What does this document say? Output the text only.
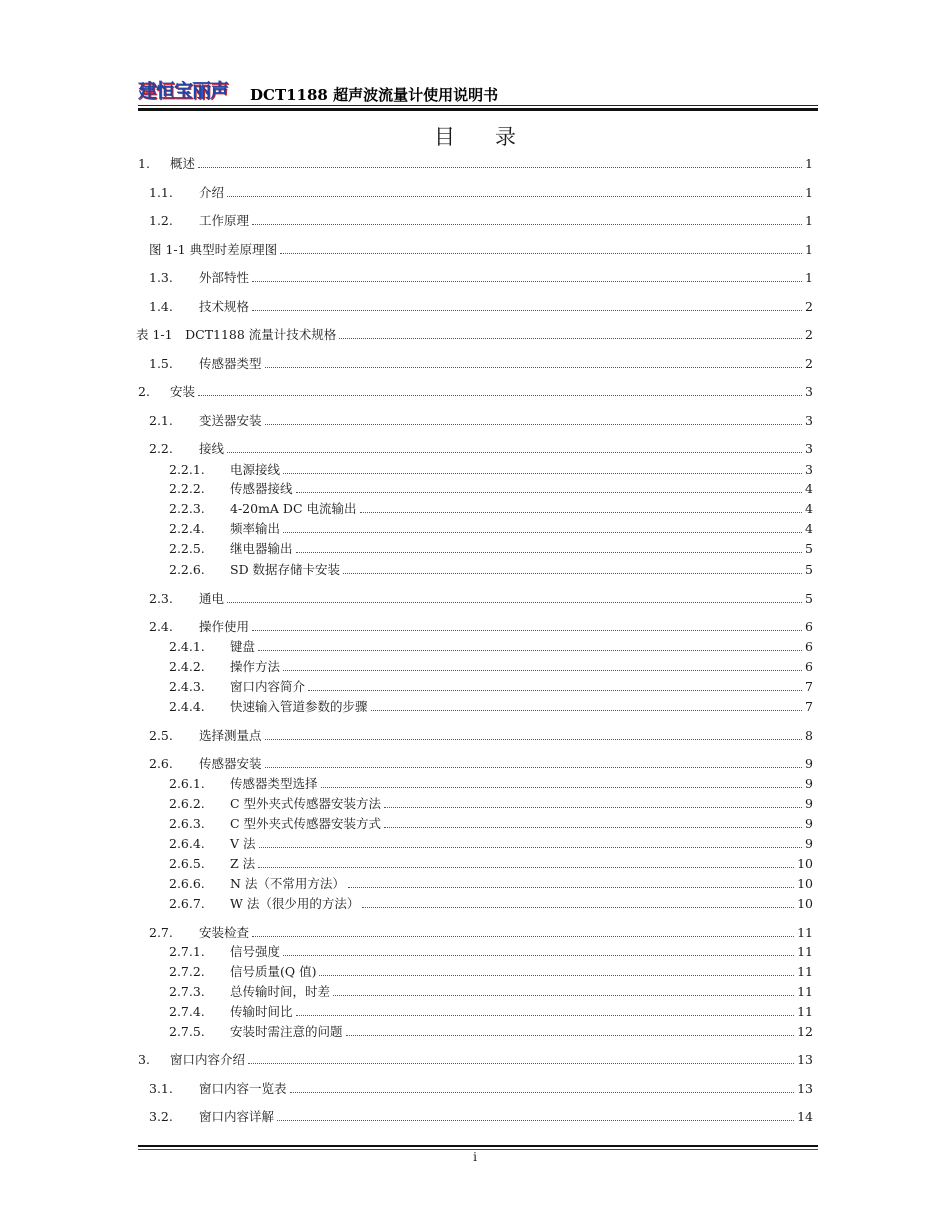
建恒宝丽声 DCT1188 超声波流量计使用说明书
目录
1.	概述	1
1.1.	介绍	1
1.2.	工作原理	1
图 1-1 典型时差原理图	1
1.3.	外部特性	1
1.4.	技术规格	2
表 1-1　DCT1188 流量计技术规格	2
1.5.	传感器类型	2
2.	安装	3
2.1.	变送器安装	3
2.2.	接线	3
2.2.1.	电源接线	3
2.2.2.	传感器接线	4
2.2.3.	4-20mA DC 电流输出	4
2.2.4.	频率输出	4
2.2.5.	继电器输出	5
2.2.6.	SD 数据存储卡安装	5
2.3.	通电	5
2.4.	操作使用	6
2.4.1.	键盘	6
2.4.2.	操作方法	6
2.4.3.	窗口内容简介	7
2.4.4.	快速输入管道参数的步骤	7
2.5.	选择测量点	8
2.6.	传感器安装	9
2.6.1.	传感器类型选择	9
2.6.2.	C 型外夹式传感器安装方法	9
2.6.3.	C 型外夹式传感器安装方式	9
2.6.4.	V 法	9
2.6.5.	Z 法	10
2.6.6.	N 法（不常用方法）	10
2.6.7.	W 法（很少用的方法）	10
2.7.	安装检查	11
2.7.1.	信号强度	11
2.7.2.	信号质量(Q 值)	11
2.7.3.	总传输时间，时差	11
2.7.4.	传输时间比	11
2.7.5.	安装时需注意的问题	12
3.	窗口内容介绍	13
3.1.	窗口内容一览表	13
3.2.	窗口内容详解	14
i
